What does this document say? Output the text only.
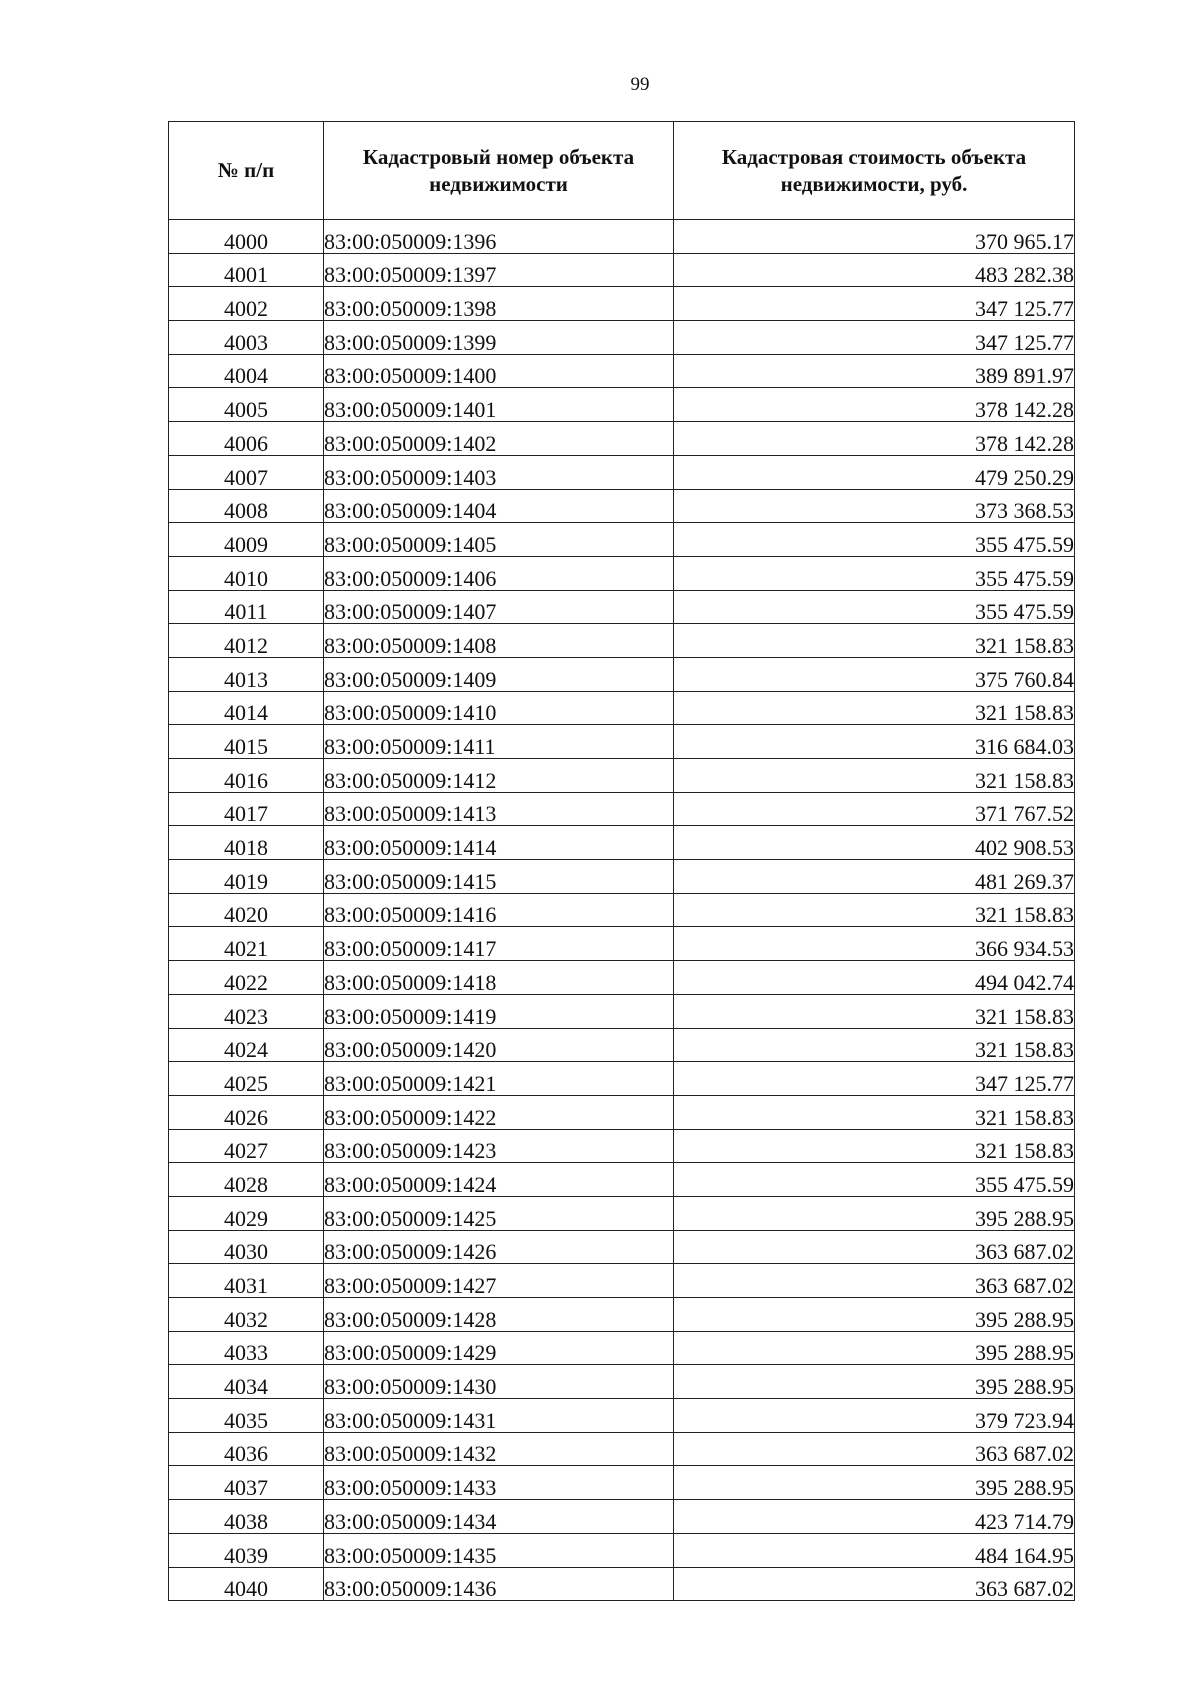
99
№ п/п	Кадастровый номер объекта недвижимости	Кадастровая стоимость объекта недвижимости, руб.
4000	83:00:050009:1396	370 965.17
4001	83:00:050009:1397	483 282.38
4002	83:00:050009:1398	347 125.77
4003	83:00:050009:1399	347 125.77
4004	83:00:050009:1400	389 891.97
4005	83:00:050009:1401	378 142.28
4006	83:00:050009:1402	378 142.28
4007	83:00:050009:1403	479 250.29
4008	83:00:050009:1404	373 368.53
4009	83:00:050009:1405	355 475.59
4010	83:00:050009:1406	355 475.59
4011	83:00:050009:1407	355 475.59
4012	83:00:050009:1408	321 158.83
4013	83:00:050009:1409	375 760.84
4014	83:00:050009:1410	321 158.83
4015	83:00:050009:1411	316 684.03
4016	83:00:050009:1412	321 158.83
4017	83:00:050009:1413	371 767.52
4018	83:00:050009:1414	402 908.53
4019	83:00:050009:1415	481 269.37
4020	83:00:050009:1416	321 158.83
4021	83:00:050009:1417	366 934.53
4022	83:00:050009:1418	494 042.74
4023	83:00:050009:1419	321 158.83
4024	83:00:050009:1420	321 158.83
4025	83:00:050009:1421	347 125.77
4026	83:00:050009:1422	321 158.83
4027	83:00:050009:1423	321 158.83
4028	83:00:050009:1424	355 475.59
4029	83:00:050009:1425	395 288.95
4030	83:00:050009:1426	363 687.02
4031	83:00:050009:1427	363 687.02
4032	83:00:050009:1428	395 288.95
4033	83:00:050009:1429	395 288.95
4034	83:00:050009:1430	395 288.95
4035	83:00:050009:1431	379 723.94
4036	83:00:050009:1432	363 687.02
4037	83:00:050009:1433	395 288.95
4038	83:00:050009:1434	423 714.79
4039	83:00:050009:1435	484 164.95
4040	83:00:050009:1436	363 687.02
